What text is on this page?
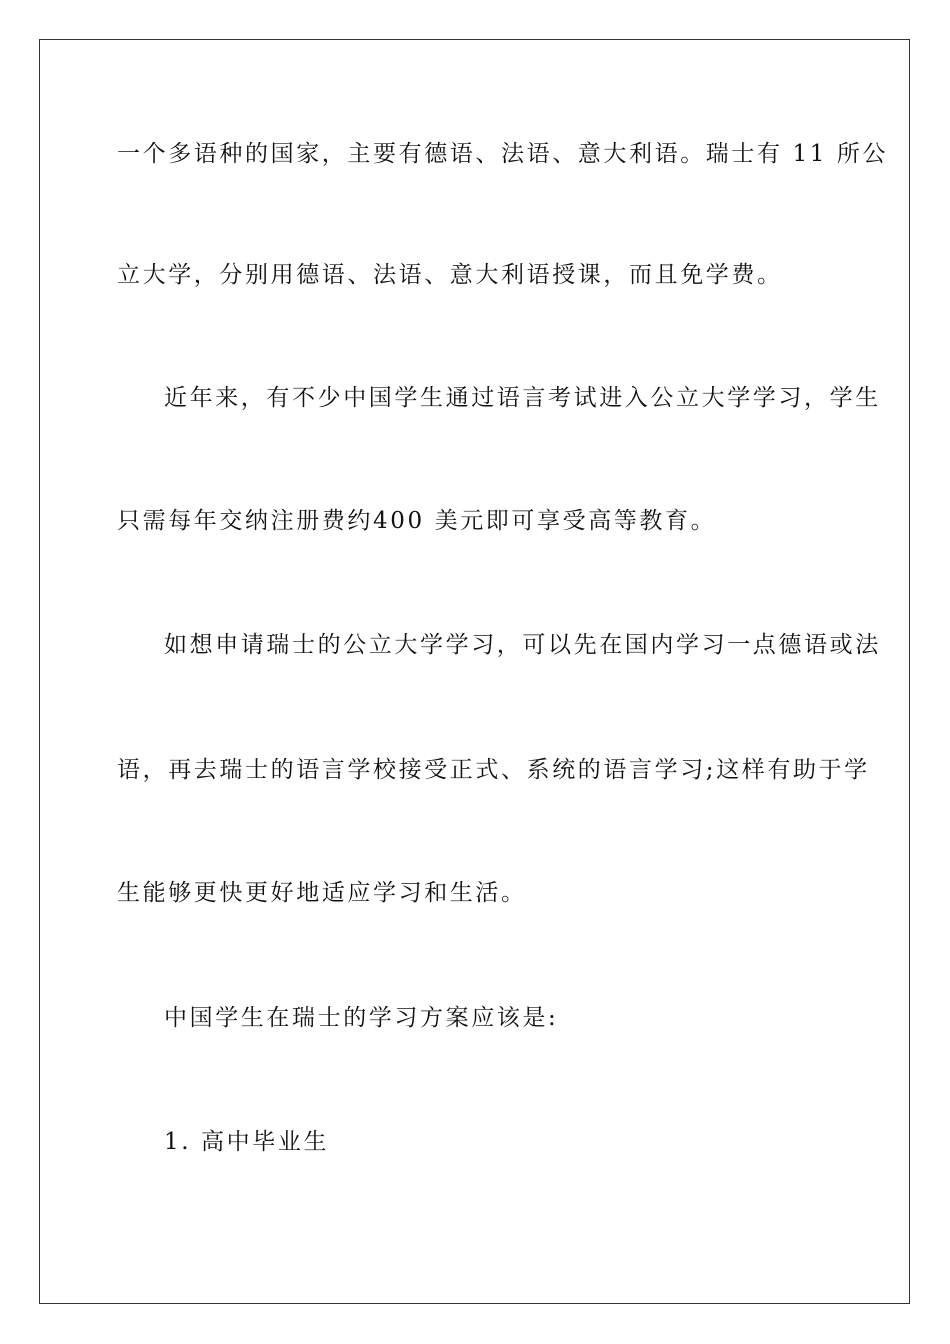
一个多语种的国家，主要有德语、法语、意大利语。瑞士有 11 所公
立大学，分别用德语、法语、意大利语授课，而且免学费。
近年来，有不少中国学生通过语言考试进入公立大学学习，学生
只需每年交纳注册费约400 美元即可享受高等教育。
如想申请瑞士的公立大学学习，可以先在国内学习一点德语或法
语，再去瑞士的语言学校接受正式、系统的语言学习;这样有助于学
生能够更快更好地适应学习和生活。
中国学生在瑞士的学习方案应该是:
1. 高中毕业生
